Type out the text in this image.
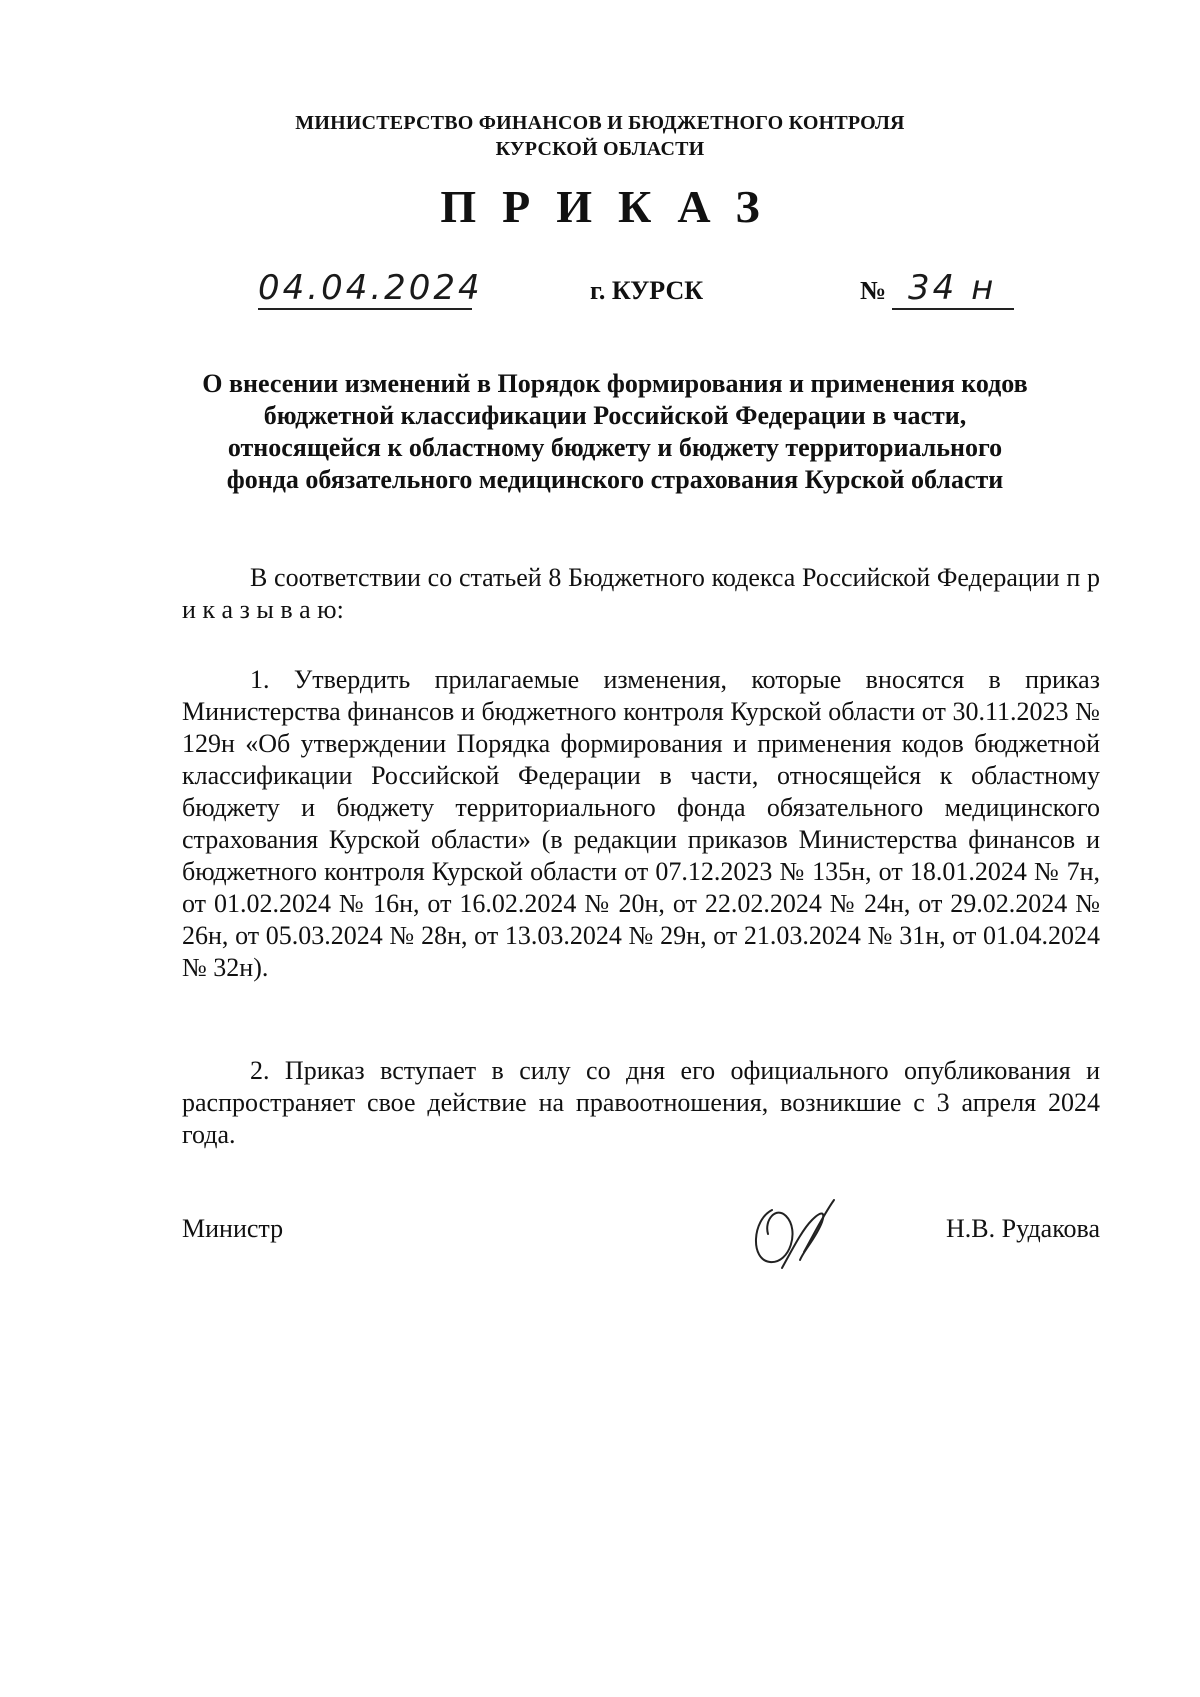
МИНИСТЕРСТВО ФИНАНСОВ И БЮДЖЕТНОГО КОНТРОЛЯ
КУРСКОЙ ОБЛАСТИ
ПРИКАЗ
04.04.2024	г. КУРСК	№ 34 н
О внесении изменений в Порядок формирования и применения кодов
бюджетной классификации Российской Федерации в части,
относящейся к областному бюджету и бюджету территориального
фонда обязательного медицинского страхования Курской области
В соответствии со статьей 8 Бюджетного кодекса Российской Федерации п р и к а з ы в а ю:
1. Утвердить прилагаемые изменения, которые вносятся в приказ Министерства финансов и бюджетного контроля Курской области от 30.11.2023 № 129н «Об утверждении Порядка формирования и применения кодов бюджетной классификации Российской Федерации в части, относящейся к областному бюджету и бюджету территориального фонда обязательного медицинского страхования Курской области» (в редакции приказов Министерства финансов и бюджетного контроля Курской области от 07.12.2023 № 135н, от 18.01.2024 № 7н, от 01.02.2024 № 16н, от 16.02.2024 № 20н, от 22.02.2024 № 24н, от 29.02.2024 № 26н, от 05.03.2024 № 28н, от 13.03.2024 № 29н, от 21.03.2024 № 31н, от 01.04.2024 № 32н).
2. Приказ вступает в силу со дня его официального опубликования и распространяет свое действие на правоотношения, возникшие с 3 апреля 2024 года.
Министр	Н.В. Рудакова
